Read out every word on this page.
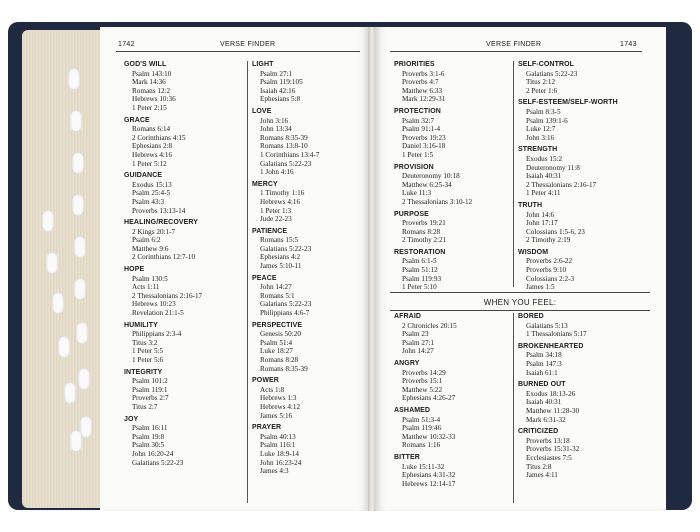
1742	VERSE FINDER
GOD'S WILL
Psalm 143:10
Mark 14:36
Romans 12:2
Hebrews 10:36
1 Peter 2:15
GRACE
Romans 6:14
2 Corinthians 4:15
Ephesians 2:8
Hebrews 4:16
1 Peter 5:12
GUIDANCE
Exodus 15:13
Psalm 25:4-5
Psalm 43:3
Proverbs 13:13-14
HEALING/RECOVERY
2 Kings 20:1-7
Psalm 6:2
Matthew 9:6
2 Corinthians 12:7-10
HOPE
Psalm 130:5
Acts 1:11
2 Thessalonians 2:16-17
Hebrews 10:23
Revelation 21:1-5
HUMILITY
Philippians 2:3-4
Titus 3:2
1 Peter 5:5
1 Peter 5:6
INTEGRITY
Psalm 101:2
Psalm 119:1
Proverbs 2:7
Titus 2:7
JOY
Psalm 16:11
Psalm 19:8
Psalm 30:5
John 16:20-24
Galatians 5:22-23
LIGHT
Psalm 27:1
Psalm 119:105
Isaiah 42:16
Ephesians 5:8
LOVE
John 3:16
John 13:34
Romans 8:35-39
Romans 13:8-10
1 Corinthians 13:4-7
Galatians 5:22-23
1 John 4:16
MERCY
1 Timothy 1:16
Hebrews 4:16
1 Peter 1:3
Jude 22-23
PATIENCE
Romans 15:5
Galatians 5:22-23
Ephesians 4:2
James 5:10-11
PEACE
John 14:27
Romans 5:1
Galatians 5:22-23
Philippians 4:6-7
PERSPECTIVE
Genesis 50:20
Psalm 51:4
Luke 18:27
Romans 8:28
Romans 8:35-39
POWER
Acts 1:8
Hebrews 1:3
Hebrews 4:12
James 5:16
PRAYER
Psalm 40:13
Psalm 116:1
Luke 18:9-14
John 16:23-24
James 4:3
VERSE FINDER	1743
PRIORITIES
Proverbs 3:1-6
Proverbs 4:7
Matthew 6:33
Mark 12:29-31
PROTECTION
Psalm 32:7
Psalm 91:1-4
Proverbs 19:23
Daniel 3:16-18
1 Peter 1:5
PROVISION
Deuteronomy 10:18
Matthew 6:25-34
Luke 11:3
2 Thessalonians 3:10-12
PURPOSE
Proverbs 19:21
Romans 8:28
2 Timothy 2:21
RESTORATION
Psalm 6:1-5
Psalm 51:12
Psalm 119:93
1 Peter 5:10
SELF-CONTROL
Galatians 5:22-23
Titus 2:12
2 Peter 1:6
SELF-ESTEEM/SELF-WORTH
Psalm 8:3-5
Psalm 139:1-6
Luke 12:7
John 3:16
STRENGTH
Exodus 15:2
Deuteronomy 11:8
Isaiah 40:31
2 Thessalonians 2:16-17
1 Peter 4:11
TRUTH
John 14:6
John 17:17
Colossians 1:5-6, 23
2 Timothy 2:19
WISDOM
Proverbs 2:6-22
Proverbs 9:10
Colossians 2:2-3
James 1:5
WHEN YOU FEEL:
AFRAID
2 Chronicles 20:15
Psalm 23
Psalm 27:1
John 14:27
ANGRY
Proverbs 14:29
Proverbs 15:1
Matthew 5:22
Ephesians 4:26-27
ASHAMED
Psalm 51:3-4
Psalm 119:46
Matthew 10:32-33
Romans 1:16
BITTER
Luke 15:11-32
Ephesians 4:31-32
Hebrews 12:14-17
BORED
Galatians 5:13
1 Thessalonians 5:17
BROKENHEARTED
Psalm 34:18
Psalm 147:3
Isaiah 61:1
BURNED OUT
Exodus 18:13-26
Isaiah 40:31
Matthew 11:28-30
Mark 6:31-32
CRITICIZED
Proverbs 13:18
Proverbs 15:31-32
Ecclesiastes 7:5
Titus 2:8
James 4:11
